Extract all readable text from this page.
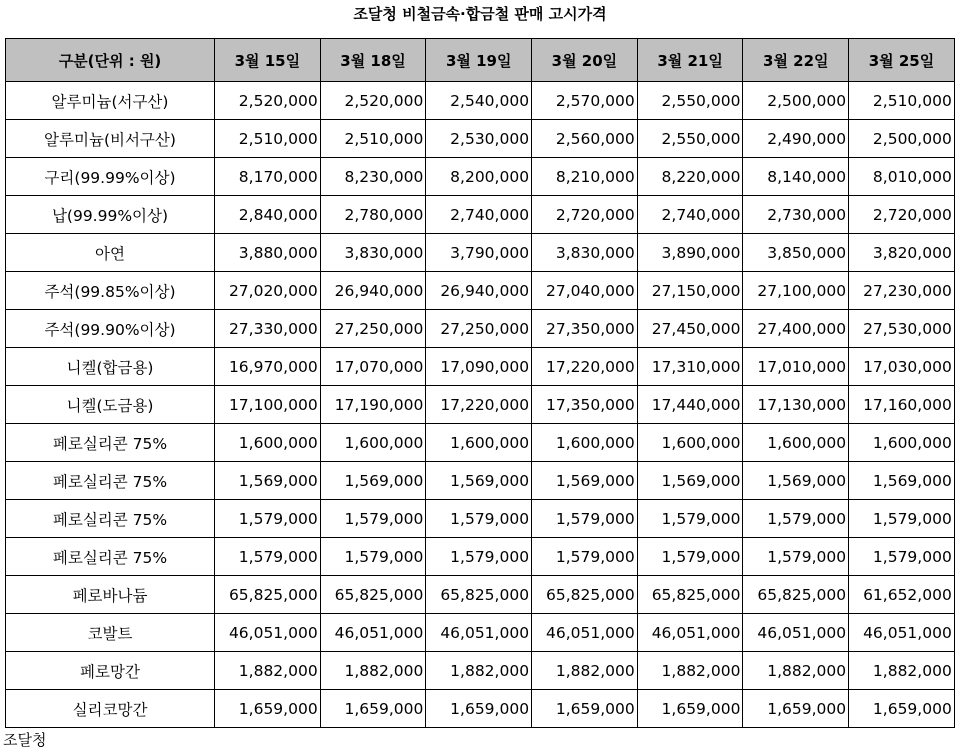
조달청 비철금속·합금철 판매 고시가격
구분(단위 : 원)	3월 15일	3월 18일	3월 19일	3월 20일	3월 21일	3월 22일	3월 25일
알루미늄(서구산)	2,520,000	2,520,000	2,540,000	2,570,000	2,550,000	2,500,000	2,510,000
알루미늄(비서구산)	2,510,000	2,510,000	2,530,000	2,560,000	2,550,000	2,490,000	2,500,000
구리(99.99%이상)	8,170,000	8,230,000	8,200,000	8,210,000	8,220,000	8,140,000	8,010,000
납(99.99%이상)	2,840,000	2,780,000	2,740,000	2,720,000	2,740,000	2,730,000	2,720,000
아연	3,880,000	3,830,000	3,790,000	3,830,000	3,890,000	3,850,000	3,820,000
주석(99.85%이상)	27,020,000	26,940,000	26,940,000	27,040,000	27,150,000	27,100,000	27,230,000
주석(99.90%이상)	27,330,000	27,250,000	27,250,000	27,350,000	27,450,000	27,400,000	27,530,000
니켈(합금용)	16,970,000	17,070,000	17,090,000	17,220,000	17,310,000	17,010,000	17,030,000
니켈(도금용)	17,100,000	17,190,000	17,220,000	17,350,000	17,440,000	17,130,000	17,160,000
페로실리콘 75%	1,600,000	1,600,000	1,600,000	1,600,000	1,600,000	1,600,000	1,600,000
페로실리콘 75%	1,569,000	1,569,000	1,569,000	1,569,000	1,569,000	1,569,000	1,569,000
페로실리콘 75%	1,579,000	1,579,000	1,579,000	1,579,000	1,579,000	1,579,000	1,579,000
페로실리콘 75%	1,579,000	1,579,000	1,579,000	1,579,000	1,579,000	1,579,000	1,579,000
페로바나듐	65,825,000	65,825,000	65,825,000	65,825,000	65,825,000	65,825,000	61,652,000
코발트	46,051,000	46,051,000	46,051,000	46,051,000	46,051,000	46,051,000	46,051,000
페로망간	1,882,000	1,882,000	1,882,000	1,882,000	1,882,000	1,882,000	1,882,000
실리코망간	1,659,000	1,659,000	1,659,000	1,659,000	1,659,000	1,659,000	1,659,000
조달청
